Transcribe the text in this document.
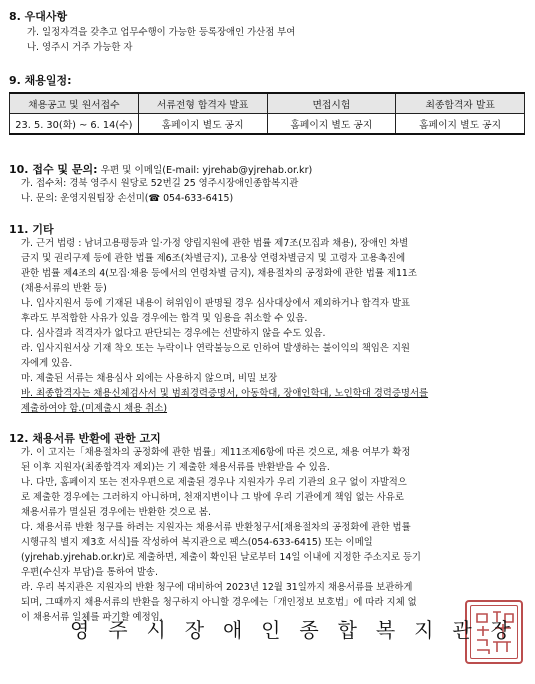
8. 우대사항
가. 일정자격을 갖추고 업무수행이 가능한 등록장애인 가산점 부여
나. 영주시 거주 가능한 자
9. 채용일정:
채용공고 및 원서접수	서류전형 합격자 발표	면접시험	최종합격자 발표
23. 5. 30(화) ~ 6. 14(수)	홈페이지 별도 공지	홈페이지 별도 공지	홈페이지 별도 공지
10. 접수 및 문의: 우편 및 이메일(E-mail: yjrehab@yjrehab.or.kr)
가. 접수처: 경북 영주시 원당로 52번길 25 영주시장애인종합복지관
나. 문의: 운영지원팀장 손선미(☎ 054-633-6415)
11. 기타
가. 근거 법령 : 남녀고용평등과 일·가정 양립지원에 관한 법률 제7조(모집과 채용), 장애인 차별
금지 및 권리구제 등에 관한 법률 제6조(차별금지), 고용상 연령차별금지 및 고령자 고용촉진에
관한 법률 제4조의 4(모집·채용 등에서의 연령차별 금지), 채용절차의 공정화에 관한 법률 제11조
(채용서류의 반환 등)
나. 입사지원서 등에 기재된 내용이 허위임이 판명될 경우 심사대상에서 제외하거나 합격자 발표
후라도 부적합한 사유가 있을 경우에는 합격 및 임용을 취소할 수 있음.
다. 심사결과 적격자가 없다고 판단되는 경우에는 선발하지 않을 수도 있음.
라. 입사지원서상 기재 착오 또는 누락이나 연락불능으로 인하여 발생하는 불이익의 책임은 지원
자에게 있음.
마. 제출된 서류는 채용심사 외에는 사용하지 않으며, 비밀 보장
바. 최종합격자는 채용신체검사서 및 범죄경력증명서, 아동학대, 장애인학대, 노인학대 경력증명서를
제출하여야 함.(미제출시 채용 취소)
12. 채용서류 반환에 관한 고지
가. 이 고지는「채용절차의 공정화에 관한 법률」제11조제6항에 따른 것으로, 채용 여부가 확정
된 이후 지원자(최종합격자 제외)는 기 제출한 채용서류를 반환받을 수 있음.
나. 다만, 홈페이지 또는 전자우편으로 제출된 경우나 지원자가 우리 기관의 요구 없이 자발적으
로 제출한 경우에는 그러하지 아니하며, 천재지변이나 그 밖에 우리 기관에게 책임 없는 사유로
채용서류가 멸실된 경우에는 반환한 것으로 봄.
다. 채용서류 반환 청구를 하려는 지원자는 채용서류 반환청구서[채용절차의 공정화에 관한 법률
시행규칙 별지 제3호 서식]를 작성하여 복지관으로 팩스(054-633-6415) 또는 이메일
(yjrehab.yjrehab.or.kr)로 제출하면, 제출이 확인된 날로부터 14일 이내에 지정한 주소지로 등기
우편(수신자 부담)을 통하여 발송.
라. 우리 복지관은 지원자의 반환 청구에 대비하여 2023년 12월 31일까지 채용서류를 보관하게
되며, 그때까지 채용서류의 반환을 청구하지 아니할 경우에는「개인정보 보호법」에 따라 지체 없
이 채용서류 일체를 파기할 예정임.
영 주 시 장 애 인 종 합 복 지 관 장
